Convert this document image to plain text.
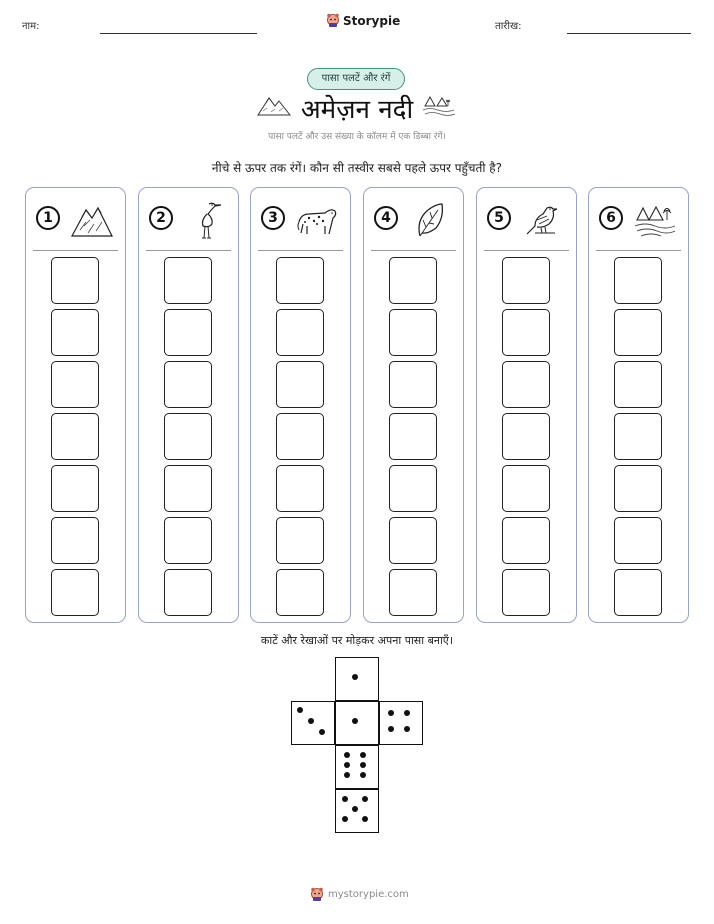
नाम:	Storypie	तारीख:
पासा पलटें और रंगें
अमेज़न नदी
पासा पलटें और उस संख्या के कॉलम में एक डिब्बा रंगें।
नीचे से ऊपर तक रंगें। कौन सी तस्वीर सबसे पहले ऊपर पहुँचती है?
1	2	3	4	5	6
काटें और रेखाओं पर मोड़कर अपना पासा बनाएँ।
mystorypie.com
